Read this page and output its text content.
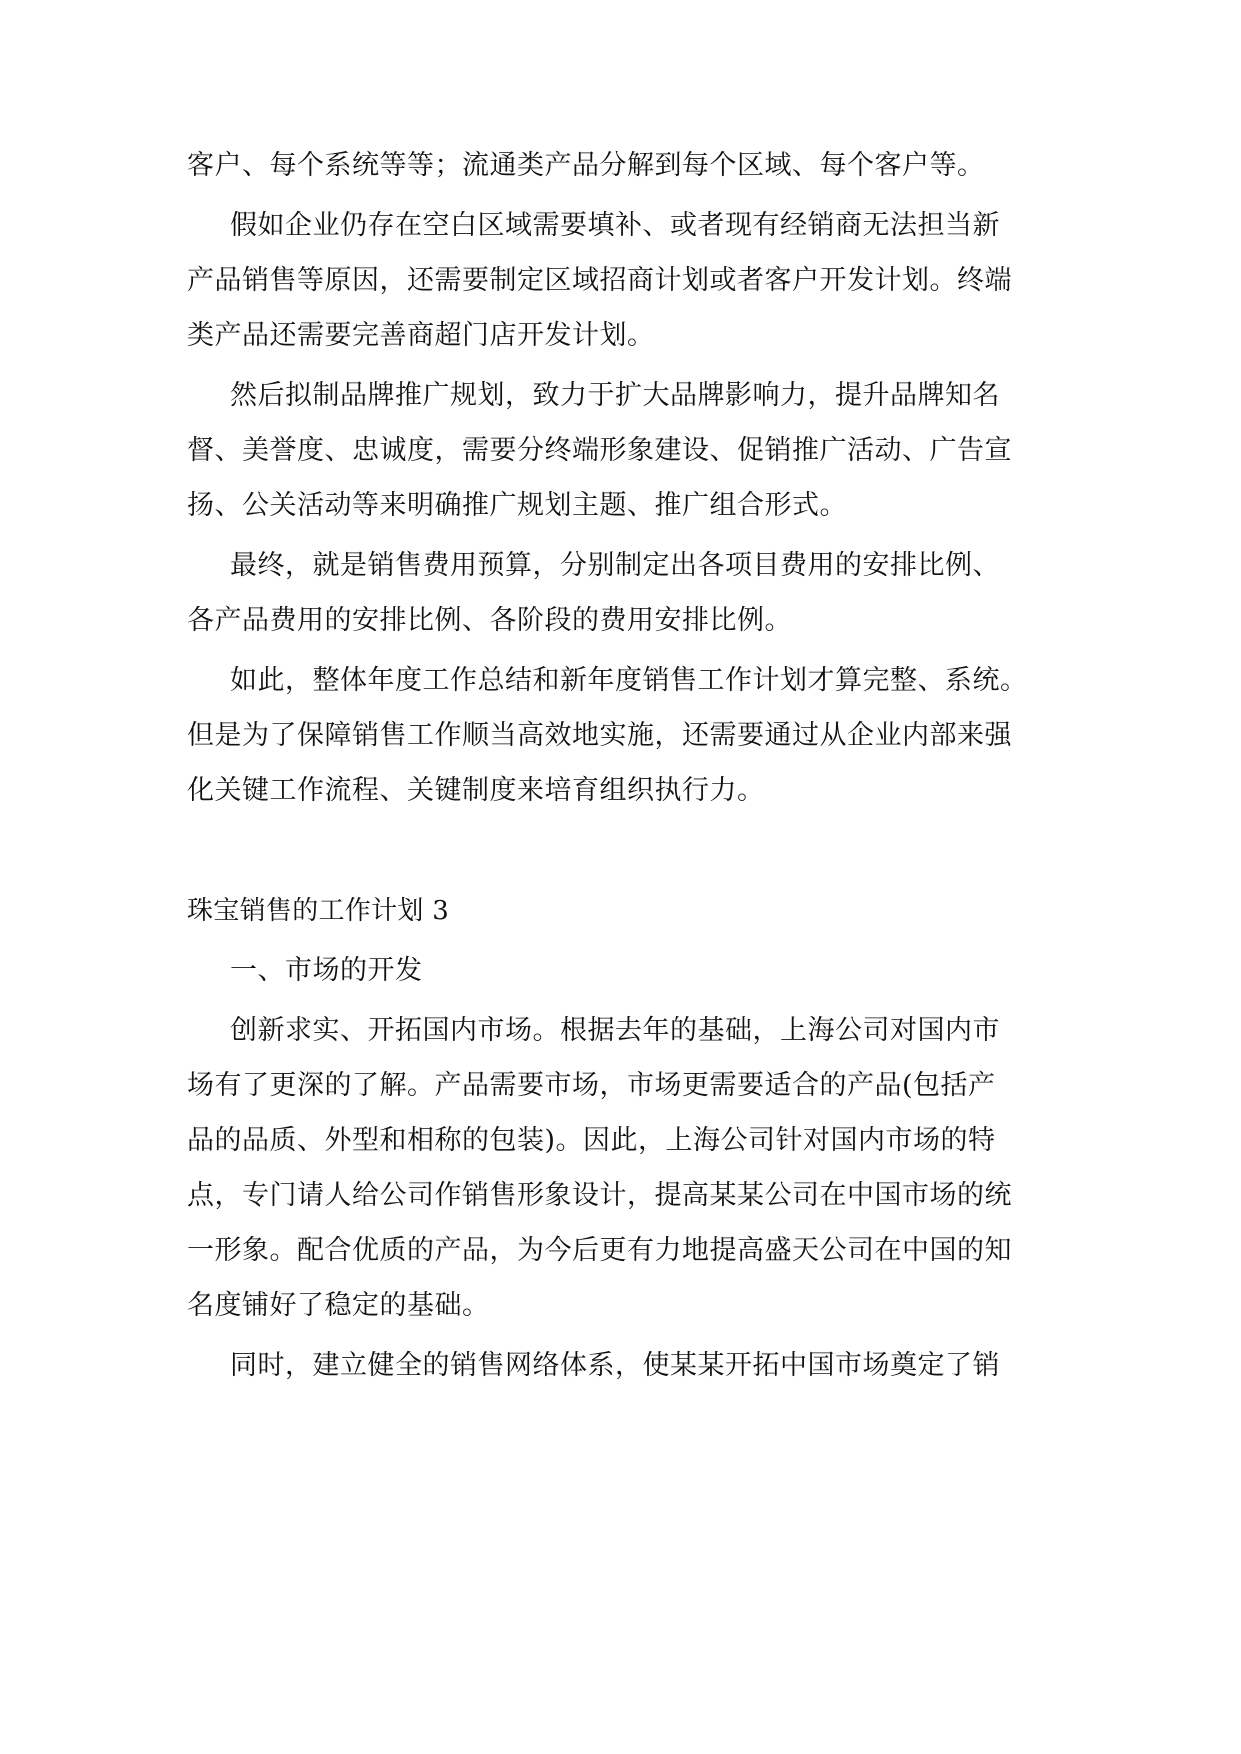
客户、每个系统等等；流通类产品分解到每个区域、每个客户等。
假如企业仍存在空白区域需要填补、或者现有经销商无法担当新
产品销售等原因，还需要制定区域招商计划或者客户开发计划。终端
类产品还需要完善商超门店开发计划。
然后拟制品牌推广规划，致力于扩大品牌影响力，提升品牌知名
督、美誉度、忠诚度，需要分终端形象建设、促销推广活动、广告宣
扬、公关活动等来明确推广规划主题、推广组合形式。
最终，就是销售费用预算，分别制定出各项目费用的安排比例、
各产品费用的安排比例、各阶段的费用安排比例。
如此，整体年度工作总结和新年度销售工作计划才算完整、系统。
但是为了保障销售工作顺当高效地实施，还需要通过从企业内部来强
化关键工作流程、关键制度来培育组织执行力。
珠宝销售的工作计划 3
一、市场的开发
创新求实、开拓国内市场。根据去年的基础，上海公司对国内市
场有了更深的了解。产品需要市场，市场更需要适合的产品(包括产
品的品质、外型和相称的包装)。因此，上海公司针对国内市场的特
点，专门请人给公司作销售形象设计，提高某某公司在中国市场的统
一形象。配合优质的产品，为今后更有力地提高盛天公司在中国的知
名度铺好了稳定的基础。
同时，建立健全的销售网络体系，使某某开拓中国市场奠定了销
